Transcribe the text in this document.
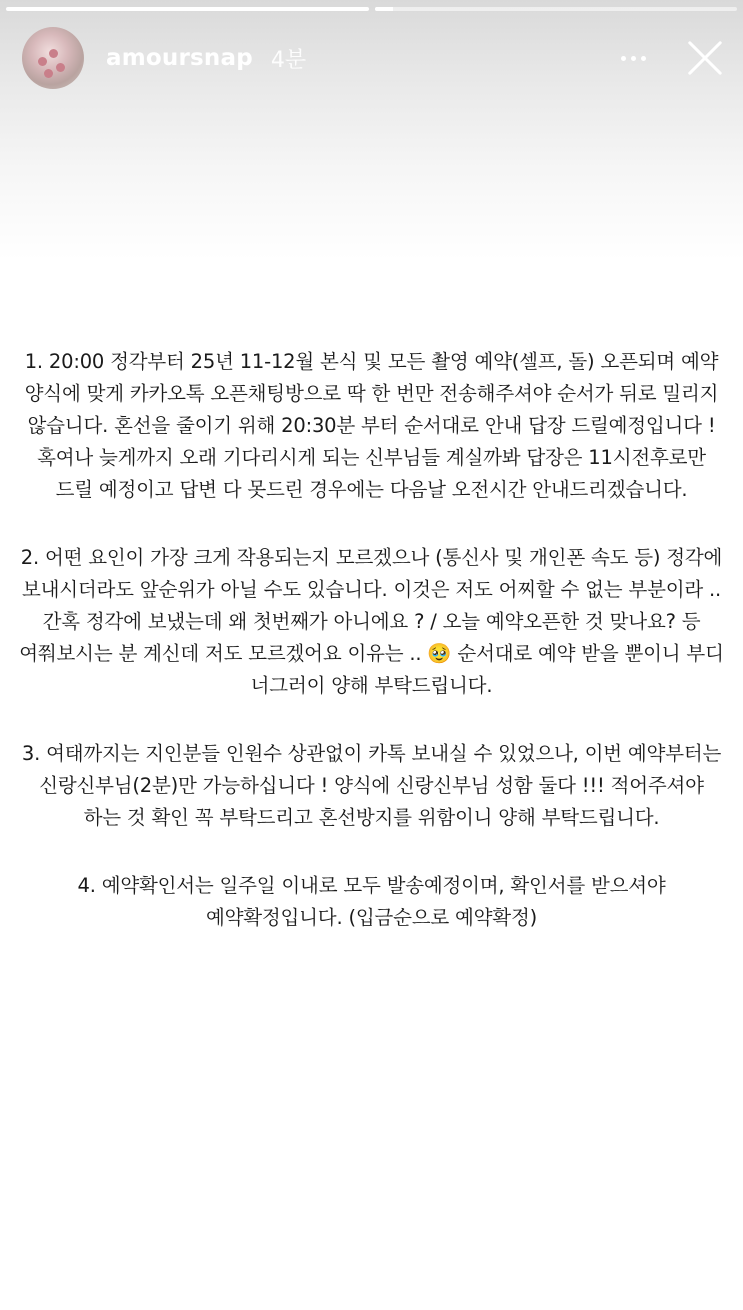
amoursnap 4분

1. 20:00 정각부터 25년 11-12월 본식 및 모든 촬영 예약(셀프, 돌) 오픈되며 예약 양식에 맞게 카카오톡 오픈채팅방으로 딱 한 번만 전송해주셔야 순서가 뒤로 밀리지 않습니다. 혼선을 줄이기 위해 20:30분 부터 순서대로 안내 답장 드릴예정입니다 ! 혹여나 늦게까지 오래 기다리시게 되는 신부님들 계실까봐 답장은 11시전후로만 드릴 예정이고 답변 다 못드린 경우에는 다음날 오전시간 안내드리겠습니다.

2. 어떤 요인이 가장 크게 작용되는지 모르겠으나 (통신사 및 개인폰 속도 등) 정각에 보내시더라도 앞순위가 아닐 수도 있습니다. 이것은 저도 어찌할 수 없는 부분이라 ..간혹 정각에 보냈는데 왜 첫번째가 아니에요 ? / 오늘 예약오픈한 것 맞나요? 등 여쭤보시는 분 계신데 저도 모르겠어요 이유는 .. 🥹 순서대로 예약 받을 뿐이니 부디 너그러이 양해 부탁드립니다.

3. 여태까지는 지인분들 인원수 상관없이 카톡 보내실 수 있었으나, 이번 예약부터는 신랑신부님(2분)만 가능하십니다 ! 양식에 신랑신부님 성함 둘다 !!! 적어주셔야 하는 것 확인 꼭 부탁드리고 혼선방지를 위함이니 양해 부탁드립니다.

4. 예약확인서는 일주일 이내로 모두 발송예정이며, 확인서를 받으셔야 예약확정입니다. (입금순으로 예약확정)
